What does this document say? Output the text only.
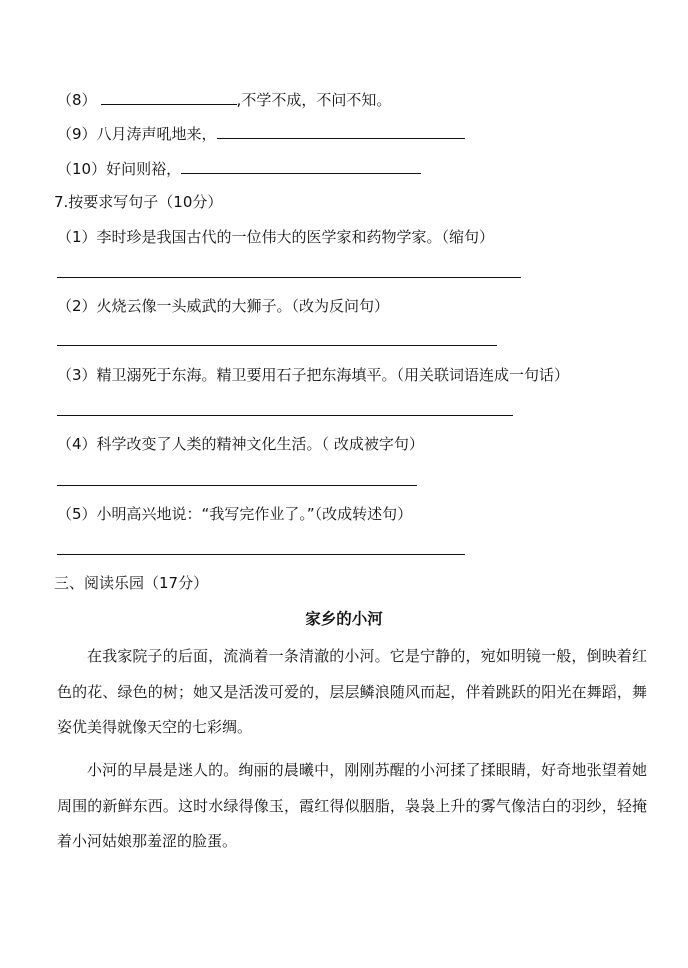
（8）	,不学不成，不问不知。
（9）八月涛声吼地来，
（10）好问则裕，
7.按要求写句子（10分）
（1）李时珍是我国古代的一位伟大的医学家和药物学家。（缩句）
（2）火烧云像一头威武的大狮子。（改为反问句）
（3）精卫溺死于东海。精卫要用石子把东海填平。（用关联词语连成一句话）
（4）科学改变了人类的精神文化生活。（ 改成被字句）
（5）小明高兴地说：“我写完作业了。”（改成转述句）
三、阅读乐园（17分）
家乡的小河
在我家院子的后面，流淌着一条清澈的小河。它是宁静的，宛如明镜一般，倒映着红色的花、绿色的树；她又是活泼可爱的，层层鳞浪随风而起，伴着跳跃的阳光在舞蹈，舞姿优美得就像天空的七彩绸。
小河的早晨是迷人的。绚丽的晨曦中，刚刚苏醒的小河揉了揉眼睛，好奇地张望着她周围的新鲜东西。这时水绿得像玉，霞红得似胭脂，袅袅上升的雾气像洁白的羽纱，轻掩着小河姑娘那羞涩的脸蛋。
